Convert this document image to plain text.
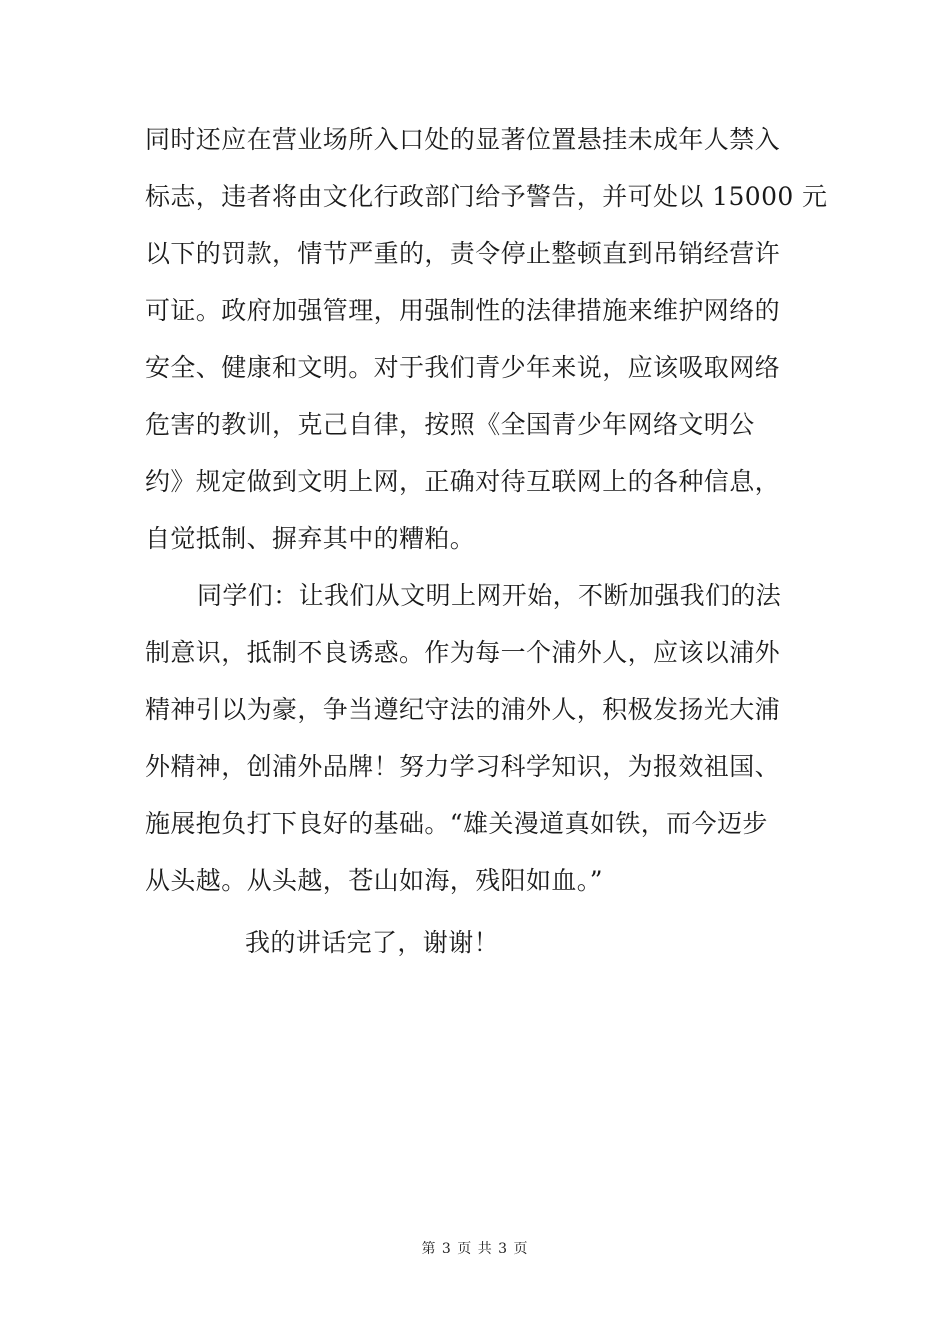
同时还应在营业场所入口处的显著位置悬挂未成年人禁入
标志，违者将由文化行政部门给予警告，并可处以 15000 元
以下的罚款，情节严重的，责令停止整顿直到吊销经营许
可证。政府加强管理，用强制性的法律措施来维护网络的
安全、健康和文明。对于我们青少年来说，应该吸取网络
危害的教训，克己自律，按照《全国青少年网络文明公
约》规定做到文明上网，正确对待互联网上的各种信息，
自觉抵制、摒弃其中的糟粕。
同学们：让我们从文明上网开始，不断加强我们的法
制意识，抵制不良诱惑。作为每一个浦外人，应该以浦外
精神引以为豪，争当遵纪守法的浦外人，积极发扬光大浦
外精神，创浦外品牌！努力学习科学知识，为报效祖国、
施展抱负打下良好的基础。“雄关漫道真如铁，而今迈步
从头越。从头越，苍山如海，残阳如血。”
我的讲话完了，谢谢！
第 3 页 共 3 页
